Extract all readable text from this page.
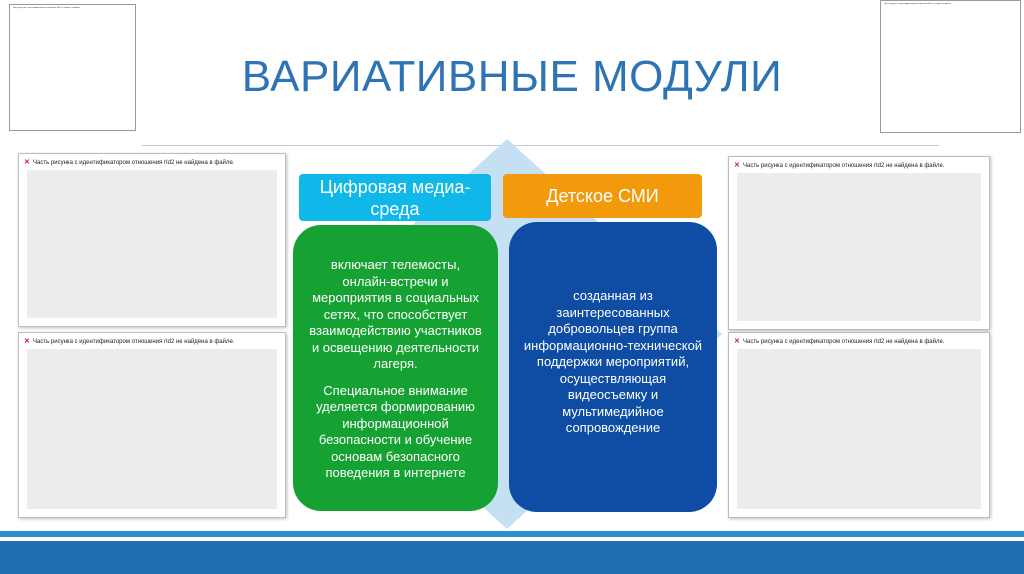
Часть рисунка с идентификатором отношения rId2 не найдена в файле.
Часть рисунка с идентификатором отношения rId2 не найдена в файле.
ВАРИАТИВНЫЕ МОДУЛИ
✕ Часть рисунка с идентификатором отношения rId2 не найдена в файле.
✕ Часть рисунка с идентификатором отношения rId2 не найдена в файле.
✕ Часть рисунка с идентификатором отношения rId2 не найдена в файле.
✕ Часть рисунка с идентификатором отношения rId2 не найдена в файле.
Цифровая медиа-среда
Детское СМИ

включает телемосты, онлайн-встречи и мероприятия в социальных сетях, что способствует взаимодействию участников и освещению деятельности лагеря.

Специальное внимание уделяется формированию информационной безопасности и обучение основам безопасного поведения в интернете

созданная из заинтересованных добровольцев группа информационно-технической поддержки мероприятий, осуществляющая видеосъемку и мультимедийное сопровождение
